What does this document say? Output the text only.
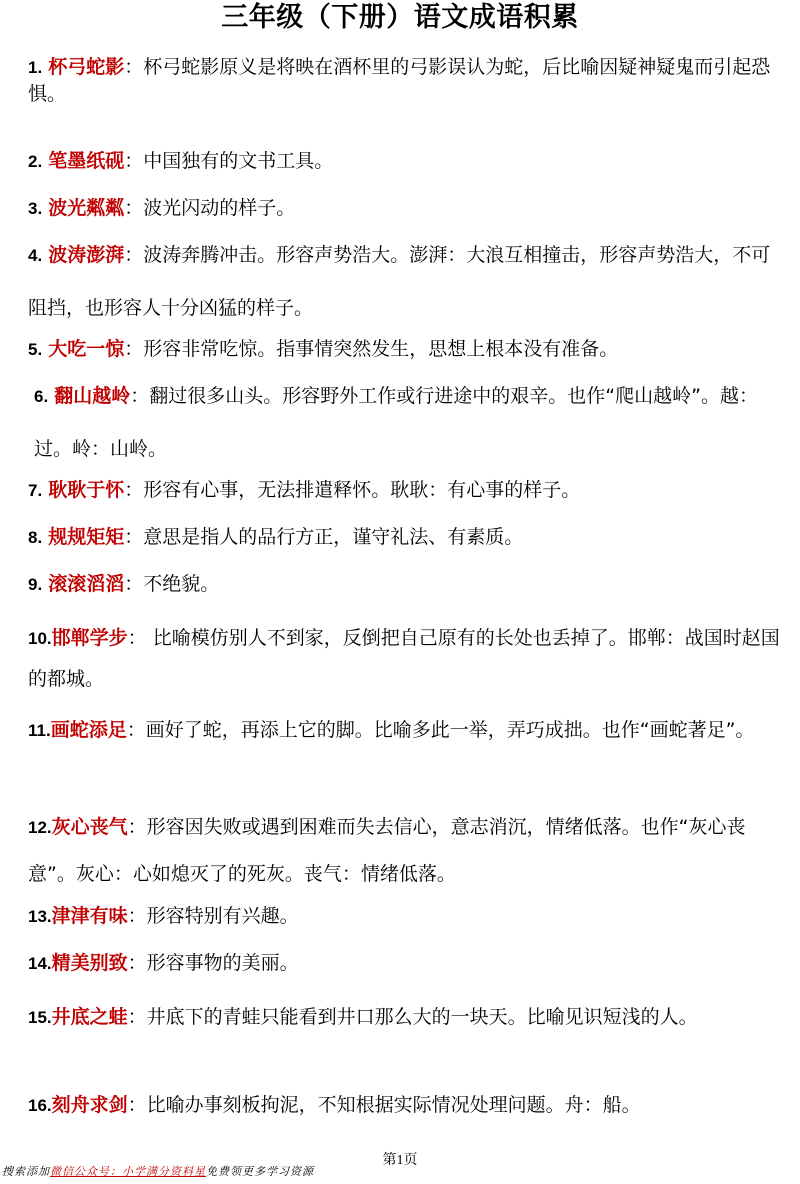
三年级（下册）语文成语积累

1. 杯弓蛇影：杯弓蛇影原义是将映在酒杯里的弓影误认为蛇，后比喻因疑神疑鬼而引起恐惧。

2. 笔墨纸砚：中国独有的文书工具。

3. 波光粼粼：波光闪动的样子。

4. 波涛澎湃：波涛奔腾冲击。形容声势浩大。澎湃：大浪互相撞击，形容声势浩大，不可阻挡，也形容人十分凶猛的样子。

5. 大吃一惊：形容非常吃惊。指事情突然发生，思想上根本没有准备。

6. 翻山越岭：翻过很多山头。形容野外工作或行进途中的艰辛。也作“爬山越岭”。越：过。岭：山岭。

7. 耿耿于怀：形容有心事，无法排遣释怀。耿耿：有心事的样子。

8. 规规矩矩：意思是指人的品行方正，谨守礼法、有素质。

9. 滚滚滔滔：不绝貌。

10.邯郸学步： 比喻模仿别人不到家，反倒把自己原有的长处也丢掉了。邯郸：战国时赵国的都城。

11.画蛇添足：画好了蛇，再添上它的脚。比喻多此一举，弄巧成拙。也作“画蛇著足”。

12.灰心丧气：形容因失败或遇到困难而失去信心，意志消沉，情绪低落。也作“灰心丧意”。灰心：心如熄灭了的死灰。丧气：情绪低落。

13.津津有味：形容特别有兴趣。

14.精美别致：形容事物的美丽。

15.井底之蛙：井底下的青蛙只能看到井口那么大的一块天。比喻见识短浅的人。

16.刻舟求剑：比喻办事刻板拘泥，不知根据实际情况处理问题。舟：船。

第1页
搜索添加微信公众号：小学满分资料星免费领更多学习资源
